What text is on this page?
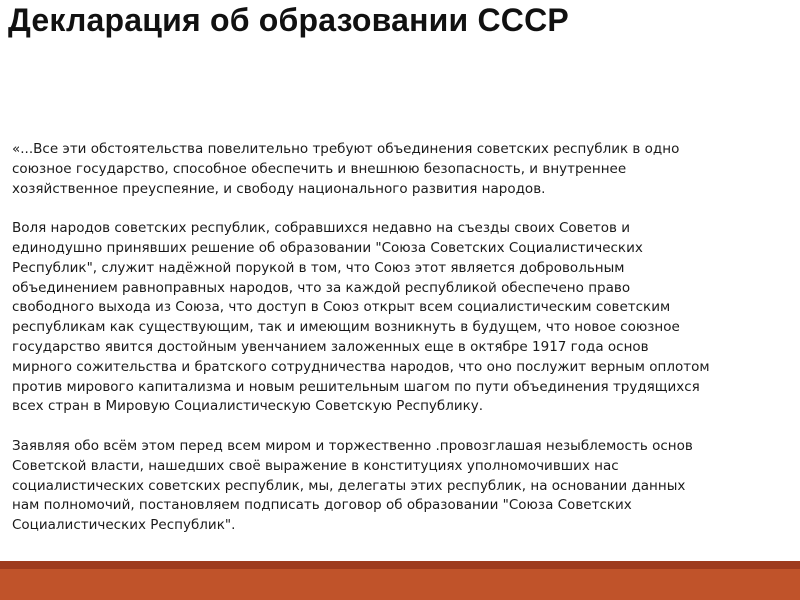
Декларация об образовании СССР

«...Все эти обстоятельства повелительно требуют объединения советских республик в одно
союзное государство, способное обеспечить и внешнюю безопасность, и внутреннее
хозяйственное преуспеяние, и свободу национального развития народов.

Воля народов советских республик, собравшихся недавно на съезды своих Советов и
единодушно принявших решение об образовании "Союза Советских Социалистических
Республик", служит надёжной порукой в том, что Союз этот является добровольным
объединением равноправных народов, что за каждой республикой обеспечено право
свободного выхода из Союза, что доступ в Союз открыт всем социалистическим советским
республикам как существующим, так и имеющим возникнуть в будущем, что новое союзное
государство явится достойным увенчанием заложенных еще в октябре 1917 года основ
мирного сожительства и братского сотрудничества народов, что оно послужит верным оплотом
против мирового капитализма и новым решительным шагом по пути объединения трудящихся
всех стран в Мировую Социалистическую Советскую Республику.

Заявляя обо всём этом перед всем миром и торжественно .провозглашая незыблемость основ
Советской власти, нашедших своё выражение в конституциях уполномочивших нас
социалистических советских республик, мы, делегаты этих республик, на основании данных
нам полномочий, постановляем подписать договор об образовании "Союза Советских
Социалистических Республик".
